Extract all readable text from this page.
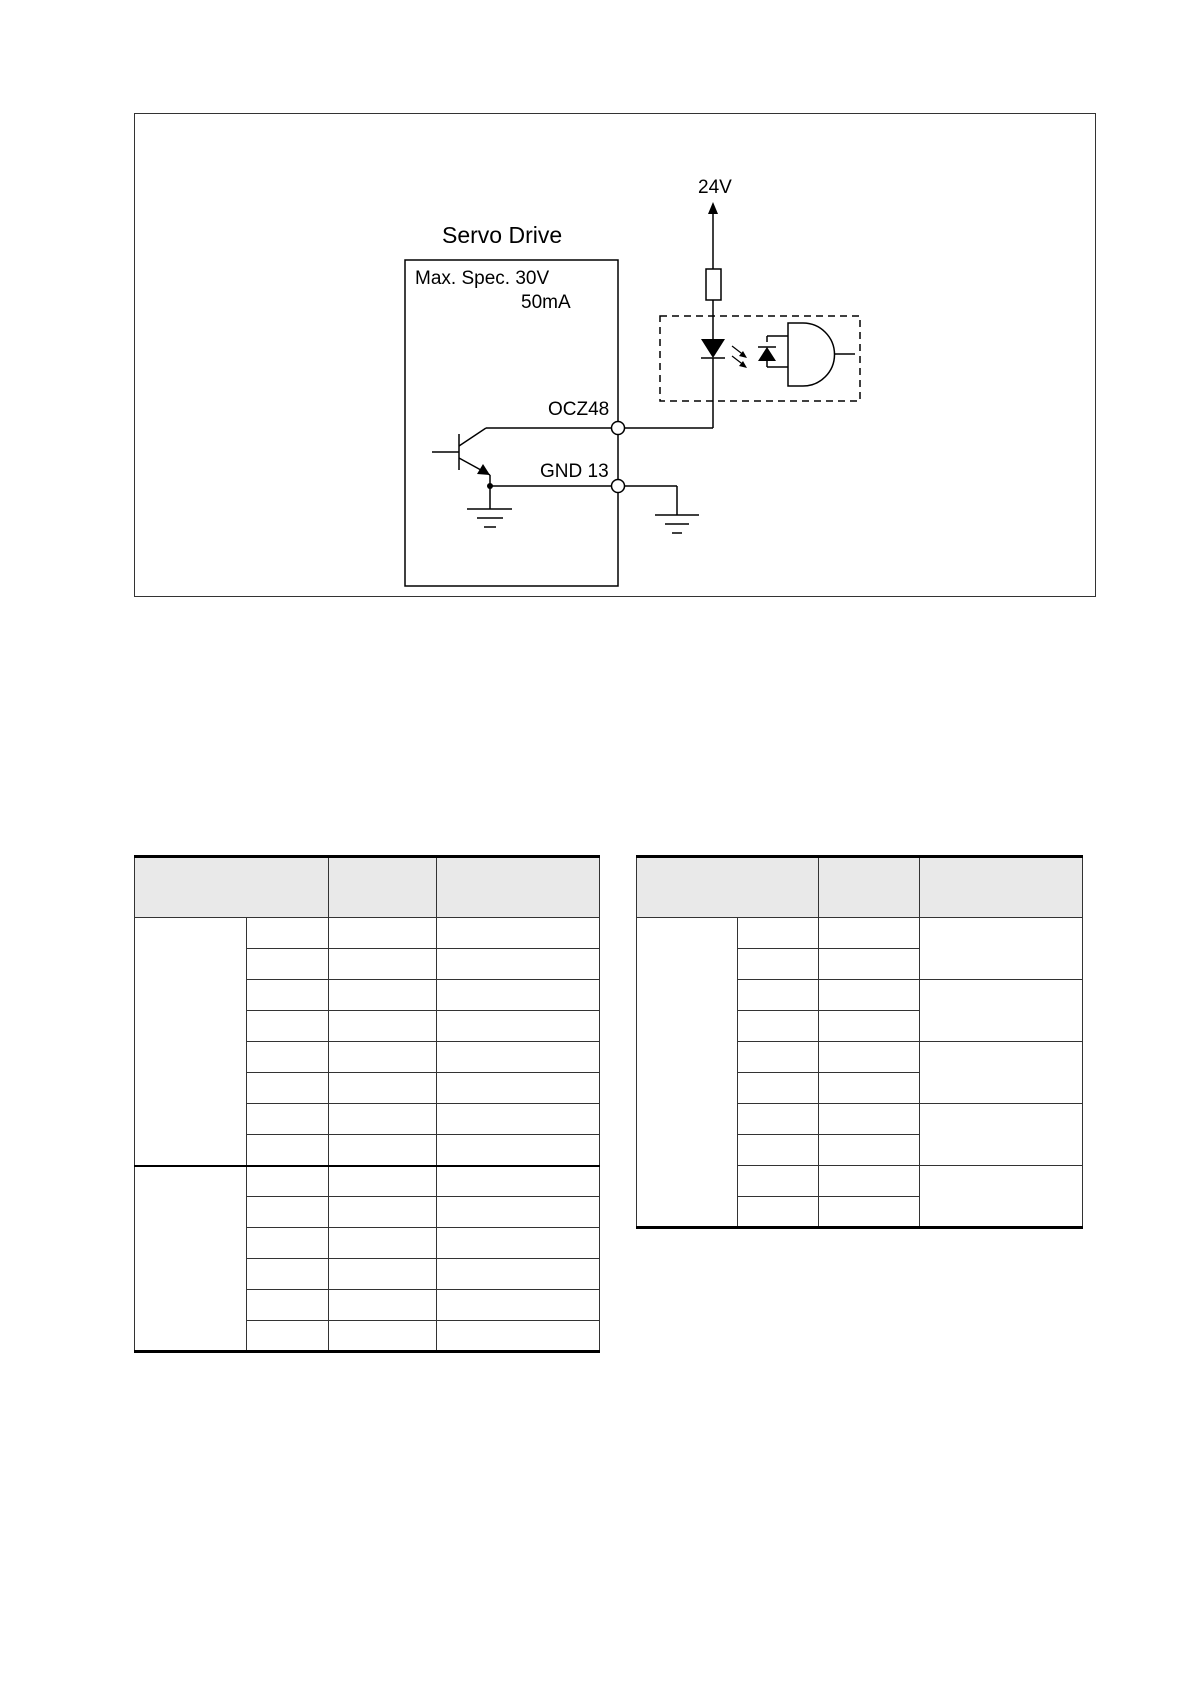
24V
Servo Drive
Max. Spec. 30V
50mA
OCZ48
GND 13
